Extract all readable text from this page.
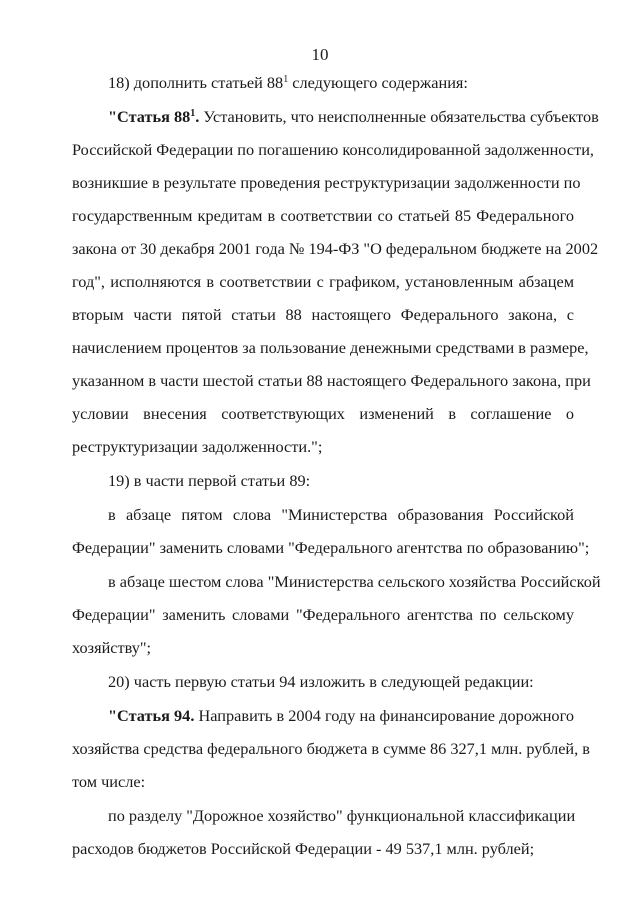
10
18) дополнить статьей $88^1$ следующего содержания:
"Статья $88^1$. Установить, что неисполненные обязательства субъектов
Российской Федерации по погашению консолидированной задолженности,
возникшие в результате проведения реструктуризации задолженности по
государственным кредитам в соответствии со статьей 85 Федерального
закона от 30 декабря 2001 года № 194-ФЗ "О федеральном бюджете на 2002
год", исполняются в соответствии с графиком, установленным абзацем
вторым части пятой статьи 88 настоящего Федерального закона, с
начислением процентов за пользование денежными средствами в размере,
указанном в части шестой статьи 88 настоящего Федерального закона, при
условии внесения соответствующих изменений в соглашение о
реструктуризации задолженности.";
19) в части первой статьи 89:
в абзаце пятом слова "Министерства образования Российской
Федерации" заменить словами "Федерального агентства по образованию";
в абзаце шестом слова "Министерства сельского хозяйства Российской
Федерации" заменить словами "Федерального агентства по сельскому
хозяйству";
20) часть первую статьи 94 изложить в следующей редакции:
"Статья 94. Направить в 2004 году на финансирование дорожного
хозяйства средства федерального бюджета в сумме 86 327,1 млн. рублей, в
том числе:
по разделу "Дорожное хозяйство" функциональной классификации
расходов бюджетов Российской Федерации - 49 537,1 млн. рублей;
